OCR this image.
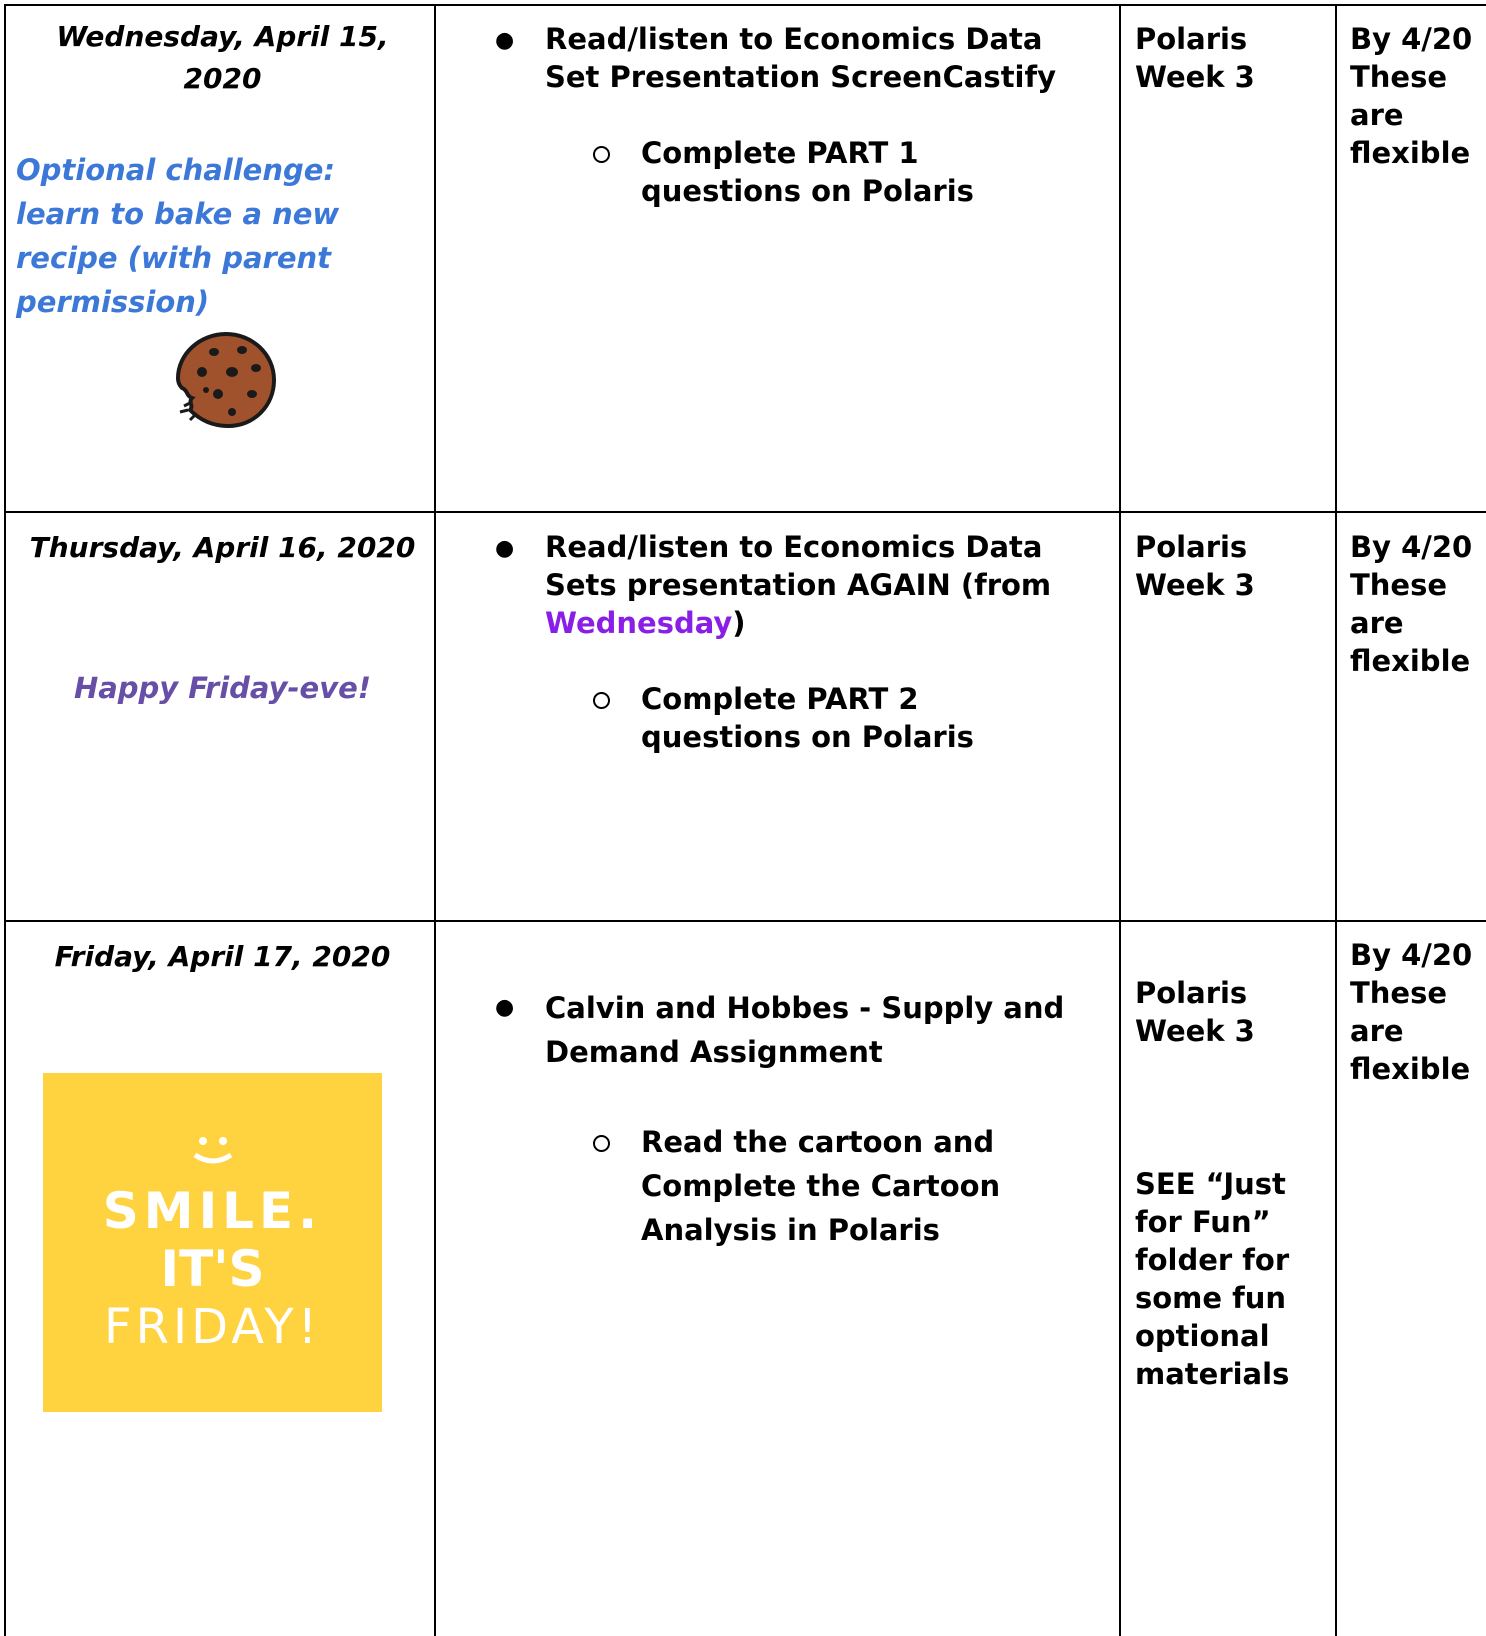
Wednesday, April 15, 2020
Optional challenge: learn to bake a new recipe (with parent permission)
● Read/listen to Economics Data Set Presentation ScreenCastify
Complete PART 1 questions on Polaris
Polaris Week 3
By 4/20 These are flexible
Thursday, April 16, 2020
Happy Friday-eve!
● Read/listen to Economics Data Sets presentation AGAIN (from Wednesday)
Complete PART 2 questions on Polaris
Polaris Week 3
By 4/20 These are flexible
Friday, April 17, 2020
SMILE.
IT'S
FRIDAY!
● Calvin and Hobbes - Supply and Demand Assignment
Read the cartoon and Complete the Cartoon Analysis in Polaris
Polaris Week 3
SEE “Just for Fun” folder for some fun optional materials
By 4/20 These are flexible
